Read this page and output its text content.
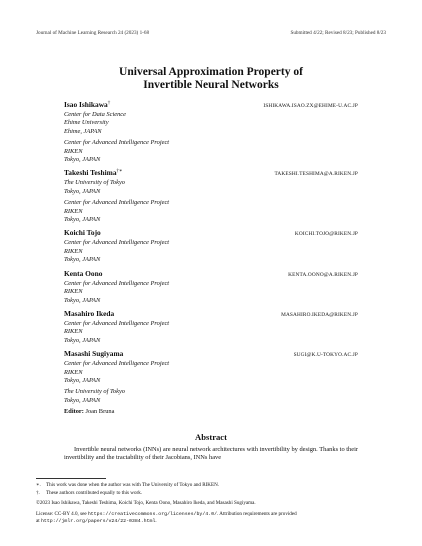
Journal of Machine Learning Research 24 (2023) 1-68	Submitted 4/22; Revised 8/23; Published 8/23
Universal Approximation Property of
Invertible Neural Networks
Isao Ishikawa†	ISHIKAWA.ISAO.ZX@EHIME-U.AC.JP
Center for Data Science
Ehime University
Ehime, JAPAN
Center for Advanced Intelligence Project
RIKEN
Tokyo, JAPAN
Takeshi Teshima†∗	TAKESHI.TESHIMA@A.RIKEN.JP
The University of Tokyo
Tokyo, JAPAN
Center for Advanced Intelligence Project
RIKEN
Tokyo, JAPAN
Koichi Tojo	KOICHI.TOJO@RIKEN.JP
Center for Advanced Intelligence Project
RIKEN
Tokyo, JAPAN
Kenta Oono	KENTA.OONO@A.RIKEN.JP
Center for Advanced Intelligence Project
RIKEN
Tokyo, JAPAN
Masahiro Ikeda	MASAHIRO.IKEDA@RIKEN.JP
Center for Advanced Intelligence Project
RIKEN
Tokyo, JAPAN
Masashi Sugiyama	SUGI@K.U-TOKYO.AC.JP
Center for Advanced Intelligence Project
RIKEN
Tokyo, JAPAN
The University of Tokyo
Tokyo, JAPAN
Editor: Joan Bruna
Abstract
Invertible neural networks (INNs) are neural network architectures with invertibility by design. Thanks to their invertibility and the tractability of their Jacobians, INNs have
∗. This work was done when the author was with The University of Tokyo and RIKEN.
†. These authors contributed equally to this work.
©2023 Isao Ishikawa, Takeshi Teshima, Koichi Tojo, Kenta Oono, Masahiro Ikeda, and Masashi Sugiyama.
License: CC-BY 4.0, see https://creativecommons.org/licenses/by/4.0/. Attribution requirements are provided
at http://jmlr.org/papers/v24/22-0384.html.
